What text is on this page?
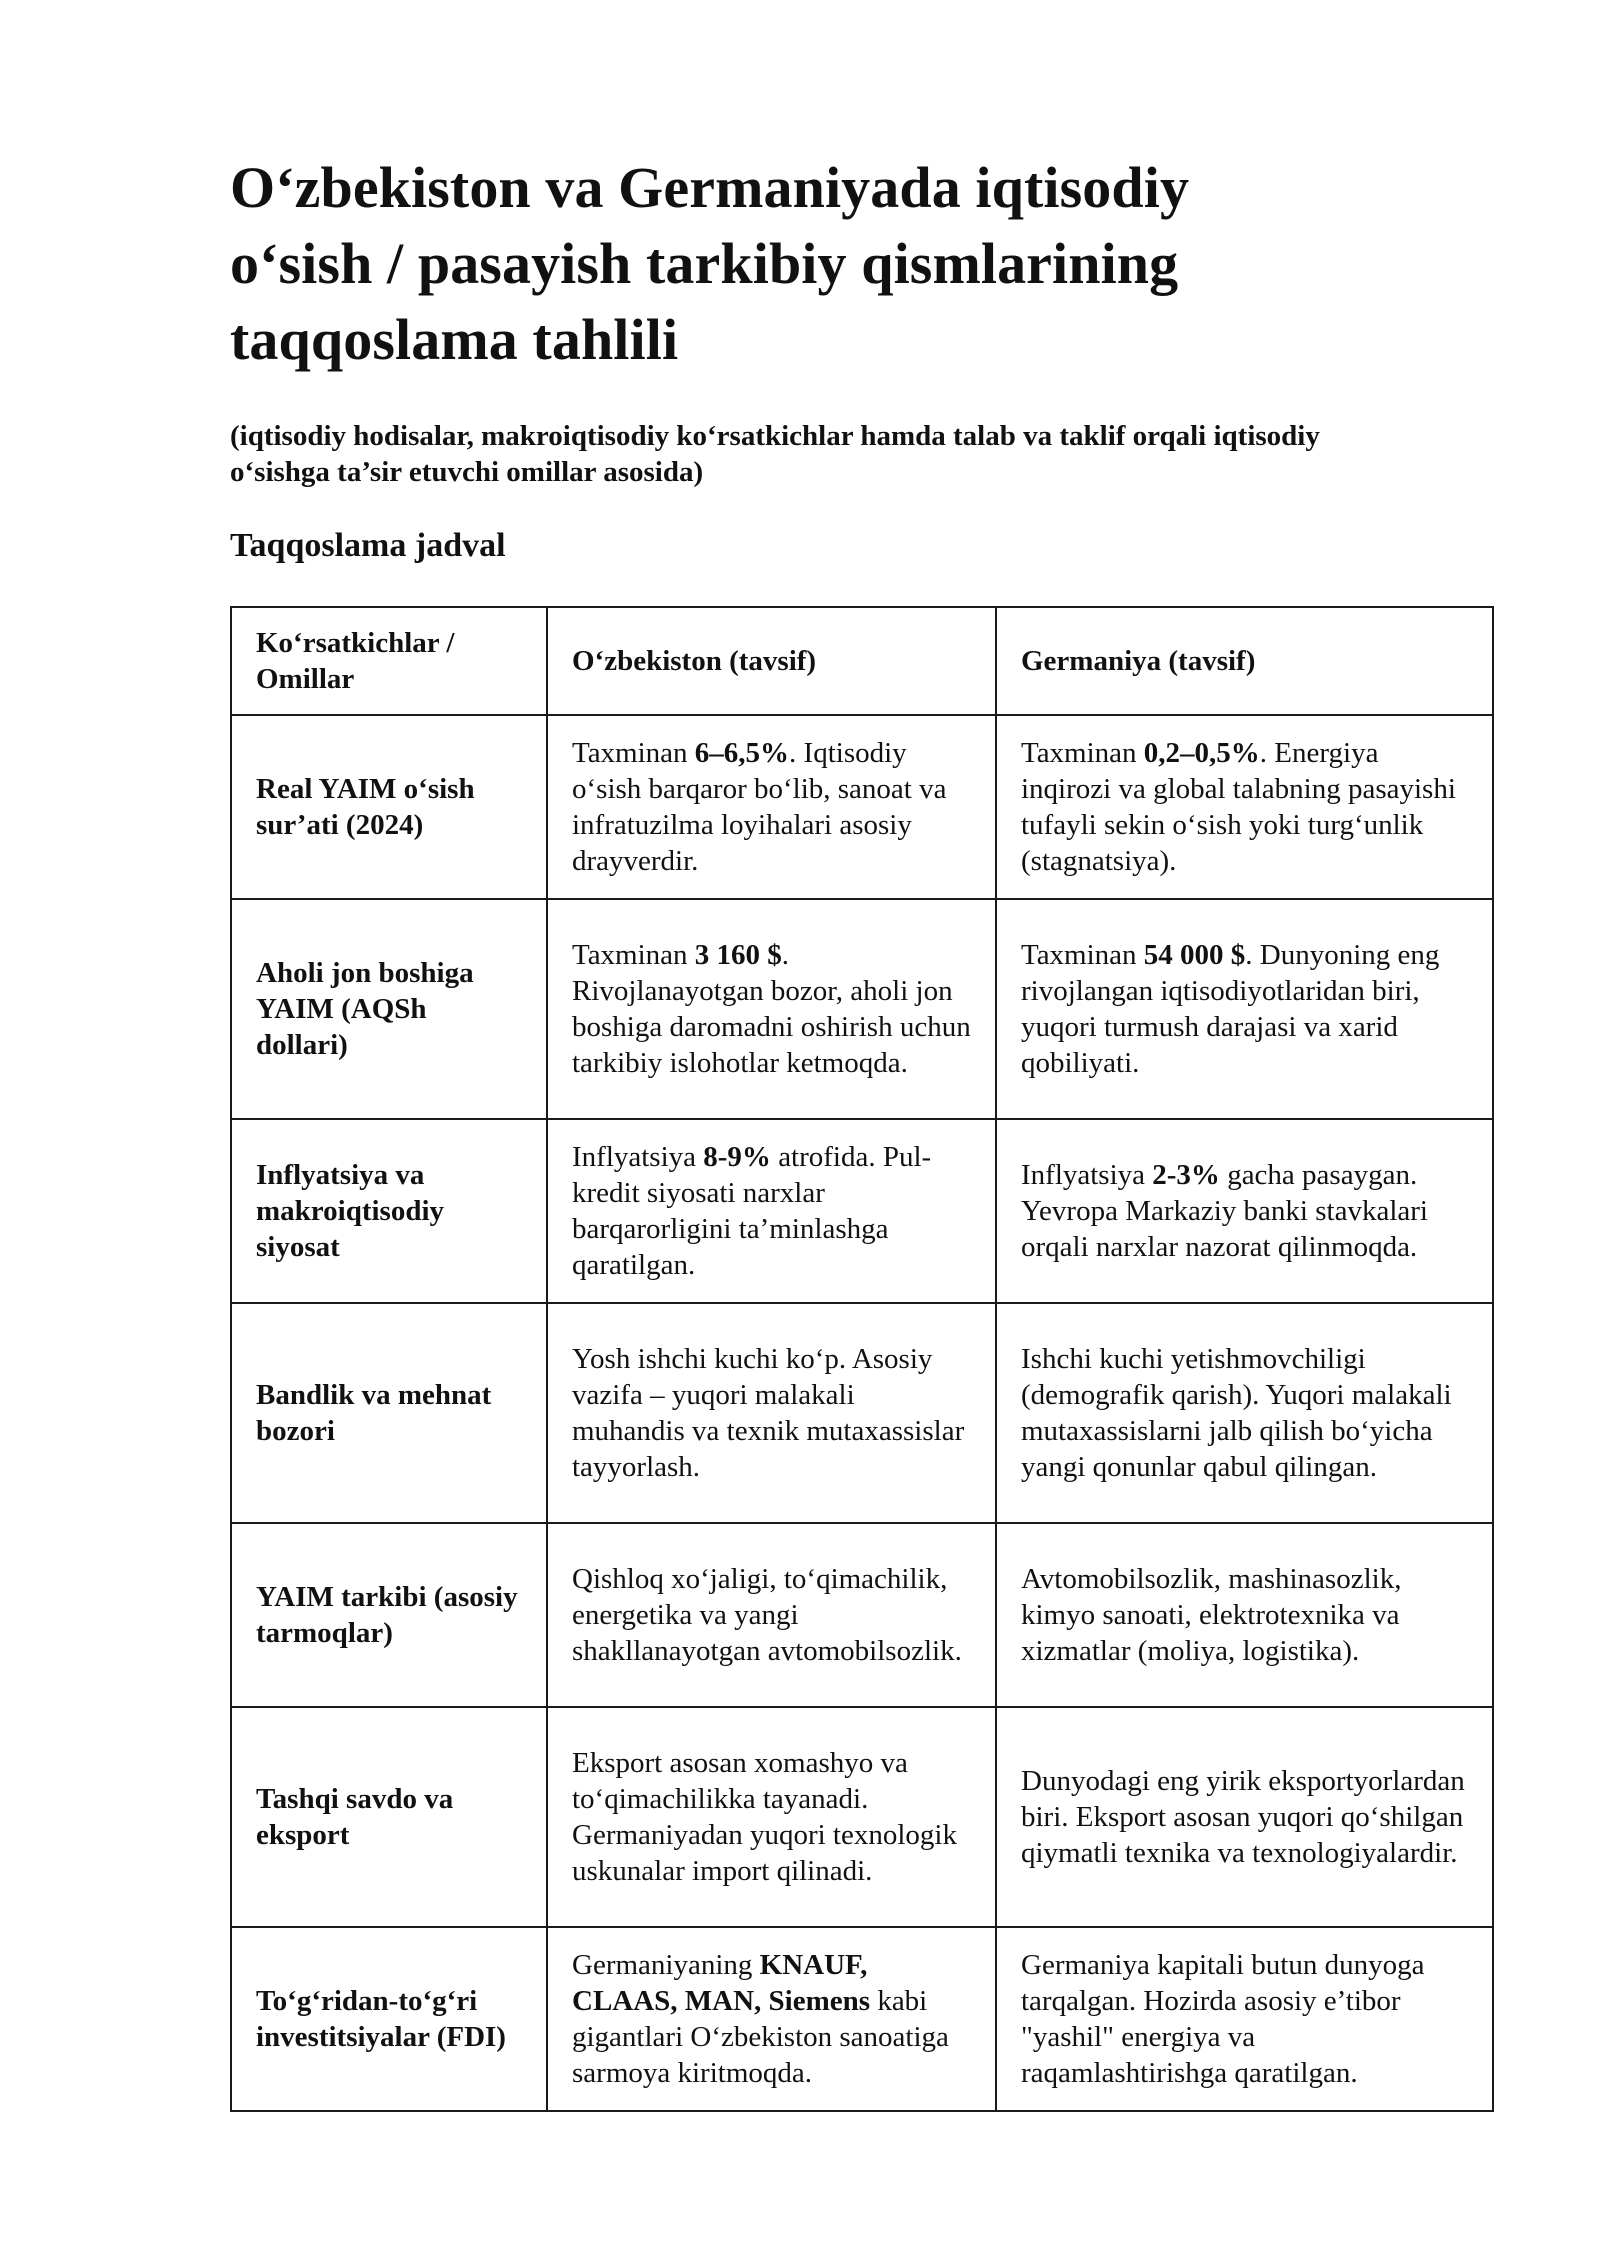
O‘zbekiston va Germaniyada iqtisodiy
o‘sish / pasayish tarkibiy qismlarining
taqqoslama tahlili

(iqtisodiy hodisalar, makroiqtisodiy ko‘rsatkichlar hamda talab va taklif orqali iqtisodiy
o‘sishga ta’sir etuvchi omillar asosida)

Taqqoslama jadval
Ko‘rsatkichlar / Omillar	O‘zbekiston (tavsif)	Germaniya (tavsif)
Real YAIM o‘sish sur’ati (2024)	Taxminan 6–6,5%. Iqtisodiy o‘sish barqaror bo‘lib, sanoat va infratuzilma loyihalari asosiy drayverdir.	Taxminan 0,2–0,5%. Energiya inqirozi va global talabning pasayishi tufayli sekin o‘sish yoki turg‘unlik (stagnatsiya).
Aholi jon boshiga YAIM (AQSh dollari)	Taxminan 3 160 $. Rivojlanayotgan bozor, aholi jon boshiga daromadni oshirish uchun tarkibiy islohotlar ketmoqda.	Taxminan 54 000 $. Dunyoning eng rivojlangan iqtisodiyotlaridan biri, yuqori turmush darajasi va xarid qobiliyati.
Inflyatsiya va makroiqtisodiy siyosat	Inflyatsiya 8-9% atrofida. Pul-kredit siyosati narxlar barqarorligini ta’minlashga qaratilgan.	Inflyatsiya 2-3% gacha pasaygan. Yevropa Markaziy banki stavkalari orqali narxlar nazorat qilinmoqda.
Bandlik va mehnat bozori	Yosh ishchi kuchi ko‘p. Asosiy vazifa – yuqori malakali muhandis va texnik mutaxassislar tayyorlash.	Ishchi kuchi yetishmovchiligi (demografik qarish). Yuqori malakali mutaxassislarni jalb qilish bo‘yicha yangi qonunlar qabul qilingan.
YAIM tarkibi (asosiy tarmoqlar)	Qishloq xo‘jaligi, to‘qimachilik, energetika va yangi shakllanayotgan avtomobilsozlik.	Avtomobilsozlik, mashinasozlik, kimyo sanoati, elektrotexnika va xizmatlar (moliya, logistika).
Tashqi savdo va eksport	Eksport asosan xomashyo va to‘qimachilikka tayanadi. Germaniyadan yuqori texnologik uskunalar import qilinadi.	Dunyodagi eng yirik eksportyorlardan biri. Eksport asosan yuqori qo‘shilgan qiymatli texnika va texnologiyalardir.
To‘g‘ridan-to‘g‘ri investitsiyalar (FDI)	Germaniyaning KNAUF, CLAAS, MAN, Siemens kabi gigantlari O‘zbekiston sanoatiga sarmoya kiritmoqda.	Germaniya kapitali butun dunyoga tarqalgan. Hozirda asosiy e’tibor "yashil" energiya va raqamlashtirishga qaratilgan.
